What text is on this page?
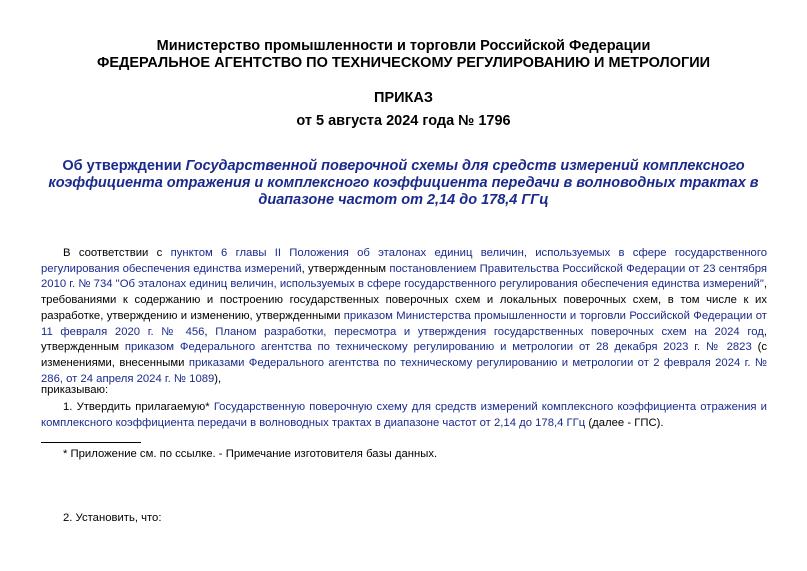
Министерство промышленности и торговли Российской Федерации
ФЕДЕРАЛЬНОЕ АГЕНТСТВО ПО ТЕХНИЧЕСКОМУ РЕГУЛИРОВАНИЮ И МЕТРОЛОГИИ
ПРИКАЗ
от 5 августа 2024 года № 1796
Об утверждении Государственной поверочной схемы для средств измерений комплексного коэффициента отражения и комплексного коэффициента передачи в волноводных трактах в диапазоне частот от 2,14 до 178,4 ГГц

В соответствии с пунктом 6 главы II Положения об эталонах единиц величин, используемых в сфере государственного регулирования обеспечения единства измерений, утвержденным постановлением Правительства Российской Федерации от 23 сентября 2010 г. № 734 "Об эталонах единиц величин, используемых в сфере государственного регулирования обеспечения единства измерений", требованиями к содержанию и построению государственных поверочных схем и локальных поверочных схем, в том числе к их разработке, утверждению и изменению, утвержденными приказом Министерства промышленности и торговли Российской Федерации от 11 февраля 2020 г. № 456, Планом разработки, пересмотра и утверждения государственных поверочных схем на 2024 год, утвержденным приказом Федерального агентства по техническому регулированию и метрологии от 28 декабря 2023 г. № 2823 (с изменениями, внесенными приказами Федерального агентства по техническому регулированию и метрологии от 2 февраля 2024 г. № 286, от 24 апреля 2024 г. № 1089),

приказываю:

1. Утвердить прилагаемую* Государственную поверочную схему для средств измерений комплексного коэффициента отражения и комплексного коэффициента передачи в волноводных трактах в диапазоне частот от 2,14 до 178,4 ГГц (далее - ГПС).

* Приложение см. по ссылке. - Примечание изготовителя базы данных.
2. Установить, что:
